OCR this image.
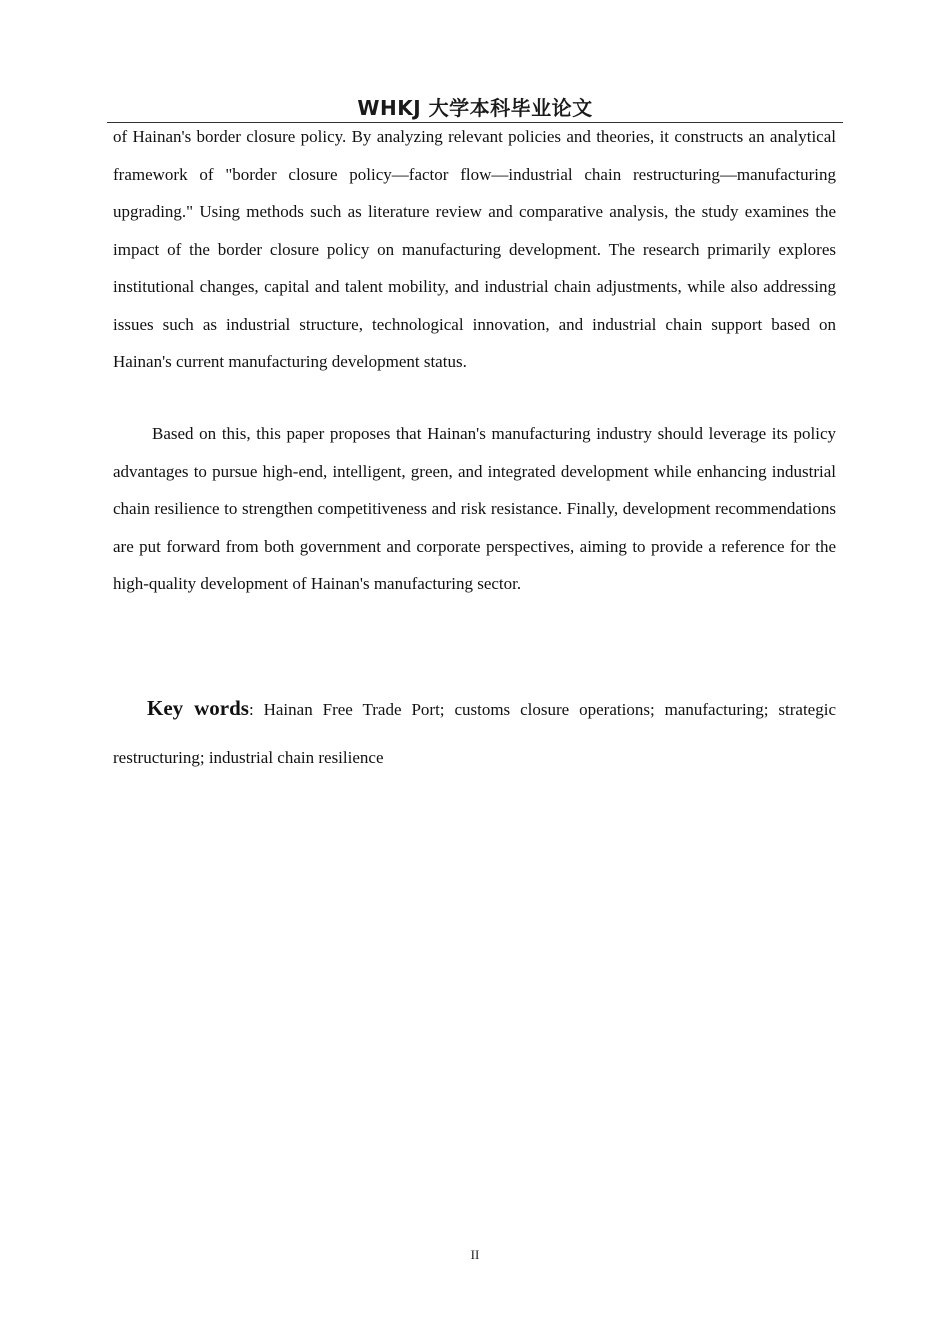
WHKJ 大学本科毕业论文

of Hainan's border closure policy. By analyzing relevant policies and theories, it constructs an analytical framework of "border closure policy—factor flow—industrial chain restructuring—manufacturing upgrading." Using methods such as literature review and comparative analysis, the study examines the impact of the border closure policy on manufacturing development. The research primarily explores institutional changes, capital and talent mobility, and industrial chain adjustments, while also addressing issues such as industrial structure, technological innovation, and industrial chain support based on Hainan's current manufacturing development status.

Based on this, this paper proposes that Hainan's manufacturing industry should leverage its policy advantages to pursue high-end, intelligent, green, and integrated development while enhancing industrial chain resilience to strengthen competitiveness and risk resistance. Finally, development recommendations are put forward from both government and corporate perspectives, aiming to provide a reference for the high-quality development of Hainan's manufacturing sector.

Key words: Hainan Free Trade Port; customs closure operations; manufacturing; strategic restructuring; industrial chain resilience

II
